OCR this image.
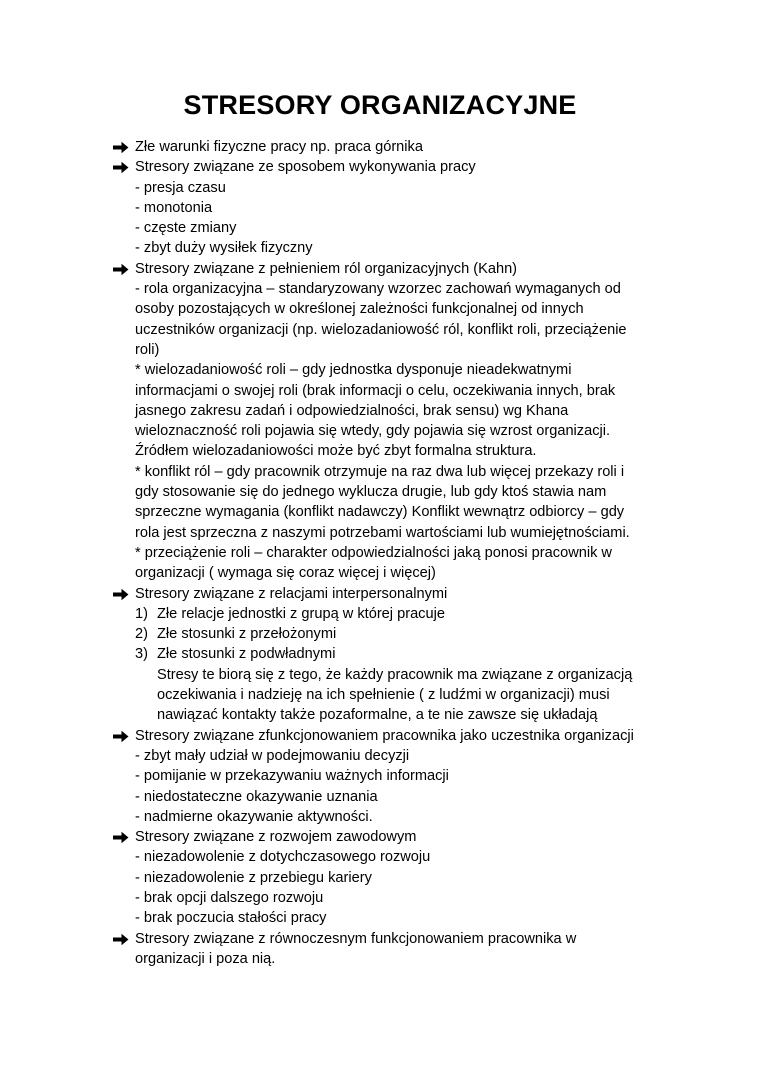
STRESORY ORGANIZACYJNE
Złe warunki fizyczne pracy np. praca górnika
Stresory związane ze sposobem wykonywania pracy
- presja czasu
- monotonia
- częste zmiany
- zbyt duży wysiłek fizyczny
Stresory związane z pełnieniem ról organizacyjnych (Kahn)
- rola organizacyjna – standaryzowany wzorzec zachowań wymaganych od
osoby pozostających w określonej zależności funkcjonalnej od innych
uczestników organizacji (np. wielozadaniowość ról, konflikt roli, przeciążenie
roli)
* wielozadaniowość roli – gdy jednostka dysponuje nieadekwatnymi
informacjami o swojej roli (brak informacji o celu, oczekiwania innych, brak
jasnego zakresu zadań i odpowiedzialności, brak sensu) wg Khana
wieloznaczność roli pojawia się wtedy, gdy pojawia się wzrost organizacji.
Źródłem wielozadaniowości może być zbyt formalna struktura.
* konflikt ról – gdy pracownik otrzymuje na raz dwa lub więcej przekazy roli i
gdy stosowanie się do jednego wyklucza drugie, lub gdy ktoś stawia nam
sprzeczne wymagania (konflikt nadawczy) Konflikt wewnątrz odbiorcy – gdy
rola jest sprzeczna z naszymi potrzebami wartościami lub wumiejętnościami.
* przeciążenie roli – charakter odpowiedzialności jaką ponosi pracownik w
organizacji ( wymaga się coraz więcej i więcej)
Stresory związane z relacjami interpersonalnymi
1) Złe relacje jednostki z grupą w której pracuje
2) Złe stosunki z przełożonymi
3) Złe stosunki z podwładnymi
Stresy te biorą się z tego, że każdy pracownik ma związane z organizacją
oczekiwania i nadzieję na ich spełnienie ( z ludźmi w organizacji) musi
nawiązać kontakty także pozaformalne, a te nie zawsze się układają
Stresory związane zfunkcjonowaniem pracownika jako uczestnika organizacji
- zbyt mały udział w podejmowaniu decyzji
- pomijanie w przekazywaniu ważnych informacji
- niedostateczne okazywanie uznania
- nadmierne okazywanie aktywności.
Stresory związane z rozwojem zawodowym
- niezadowolenie z dotychczasowego rozwoju
- niezadowolenie z przebiegu kariery
- brak opcji dalszego rozwoju
- brak poczucia stałości pracy
Stresory związane z równoczesnym funkcjonowaniem pracownika w
organizacji i poza nią.
